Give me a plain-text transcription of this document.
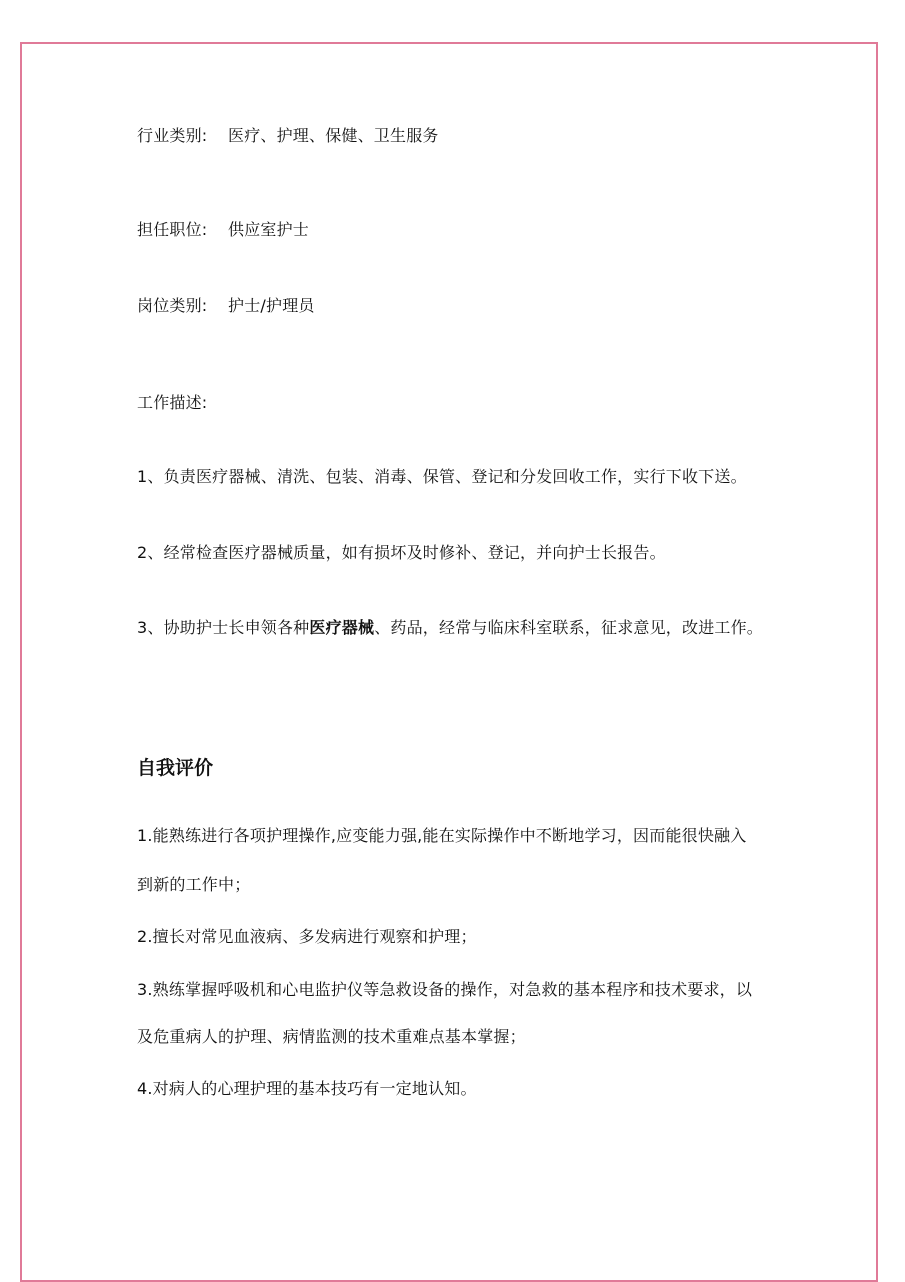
行业类别: 医疗、护理、保健、卫生服务
担任职位: 供应室护士
岗位类别: 护士/护理员
工作描述:
1、负责医疗器械、清洗、包装、消毒、保管、登记和分发回收工作，实行下收下送。
2、经常检查医疗器械质量，如有损坏及时修补、登记，并向护士长报告。
3、协助护士长申领各种医疗器械、药品，经常与临床科室联系，征求意见，改进工作。
自我评价
1.能熟练进行各项护理操作,应变能力强,能在实际操作中不断地学习，因而能很快融入
到新的工作中；
2.擅长对常见血液病、多发病进行观察和护理；
3.熟练掌握呼吸机和心电监护仪等急救设备的操作，对急救的基本程序和技术要求，以
及危重病人的护理、病情监测的技术重难点基本掌握；
4.对病人的心理护理的基本技巧有一定地认知。
